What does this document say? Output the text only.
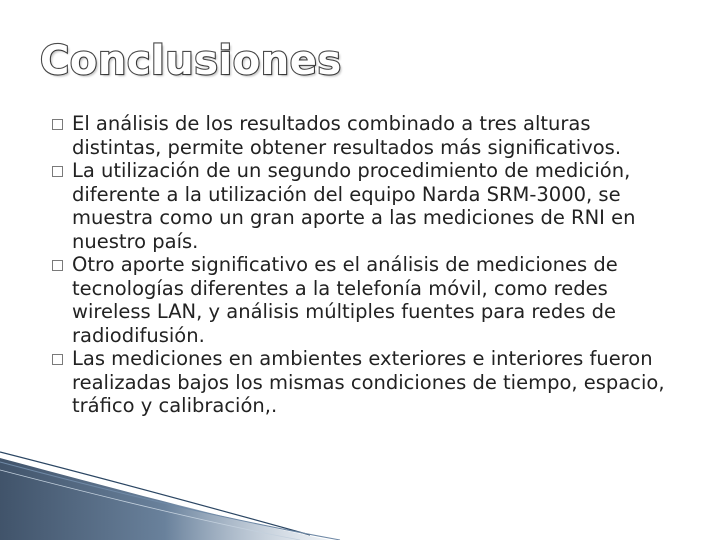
Conclusiones

El análisis de los resultados combinado a tres alturas distintas, permite obtener resultados más significativos.

La utilización de un segundo procedimiento de medición, diferente a la utilización del equipo Narda SRM-3000, se muestra como un gran aporte a las mediciones de RNI en nuestro país.

Otro aporte significativo es el análisis de mediciones de tecnologías diferentes a la telefonía móvil, como redes wireless LAN, y análisis múltiples fuentes para redes de radiodifusión.

Las mediciones en ambientes exteriores e interiores fueron realizadas bajos los mismas condiciones de tiempo, espacio, tráfico y calibración,.
